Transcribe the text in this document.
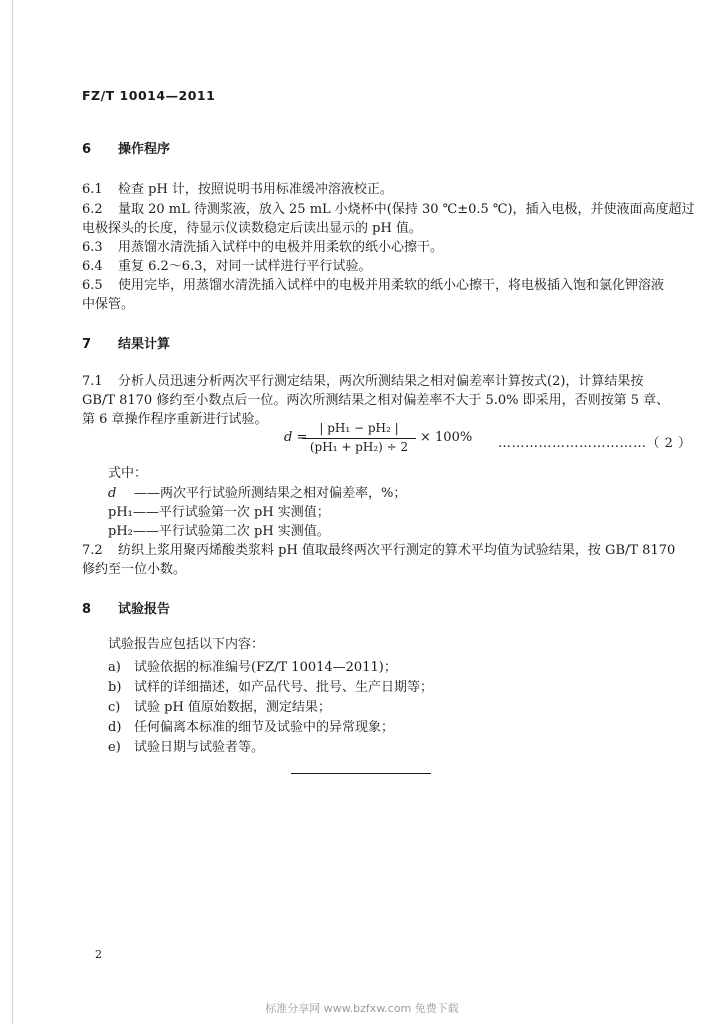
FZ/T 10014—2011
6 操作程序
6.1 检查 pH 计，按照说明书用标准缓冲溶液校正。
6.2 量取 20 mL 待测浆液，放入 25 mL 小烧杯中(保持 30 ℃±0.5 ℃)，插入电极，并使液面高度超过
电极探头的长度，待显示仪读数稳定后读出显示的 pH 值。
6.3 用蒸馏水清洗插入试样中的电极并用柔软的纸小心擦干。
6.4 重复 6.2～6.3，对同一试样进行平行试验。
6.5 使用完毕，用蒸馏水清洗插入试样中的电极并用柔软的纸小心擦干，将电极插入饱和氯化钾溶液
中保管。
7 结果计算
7.1 分析人员迅速分析两次平行测定结果，两次所测结果之相对偏差率计算按式(2)，计算结果按
GB/T 8170 修约至小数点后一位。两次所测结果之相对偏差率不大于 5.0% 即采用，否则按第 5 章、
第 6 章操作程序重新进行试验。
d =
$\frac{\text{| pH₁ − pH₂ |}}{\text{(pH₁ + pH₂) ÷ 2}} \times 100\%$ ……………………………（ 2 ）
式中：
d ——两次平行试验所测结果之相对偏差率，%；
pH₁——平行试验第一次 pH 实测值；
pH₂——平行试验第二次 pH 实测值。
7.2 纺织上浆用聚丙烯酸类浆料 pH 值取最终两次平行测定的算术平均值为试验结果，按 GB/T 8170
修约至一位小数。
8 试验报告
试验报告应包括以下内容：
a) 试验依据的标准编号(FZ/T 10014—2011)；
b) 试样的详细描述，如产品代号、批号、生产日期等；
c) 试验 pH 值原始数据，测定结果；
d) 任何偏离本标准的细节及试验中的异常现象；
e) 试验日期与试验者等。
2
标准分享网 www.bzfxw.com 免费下载
